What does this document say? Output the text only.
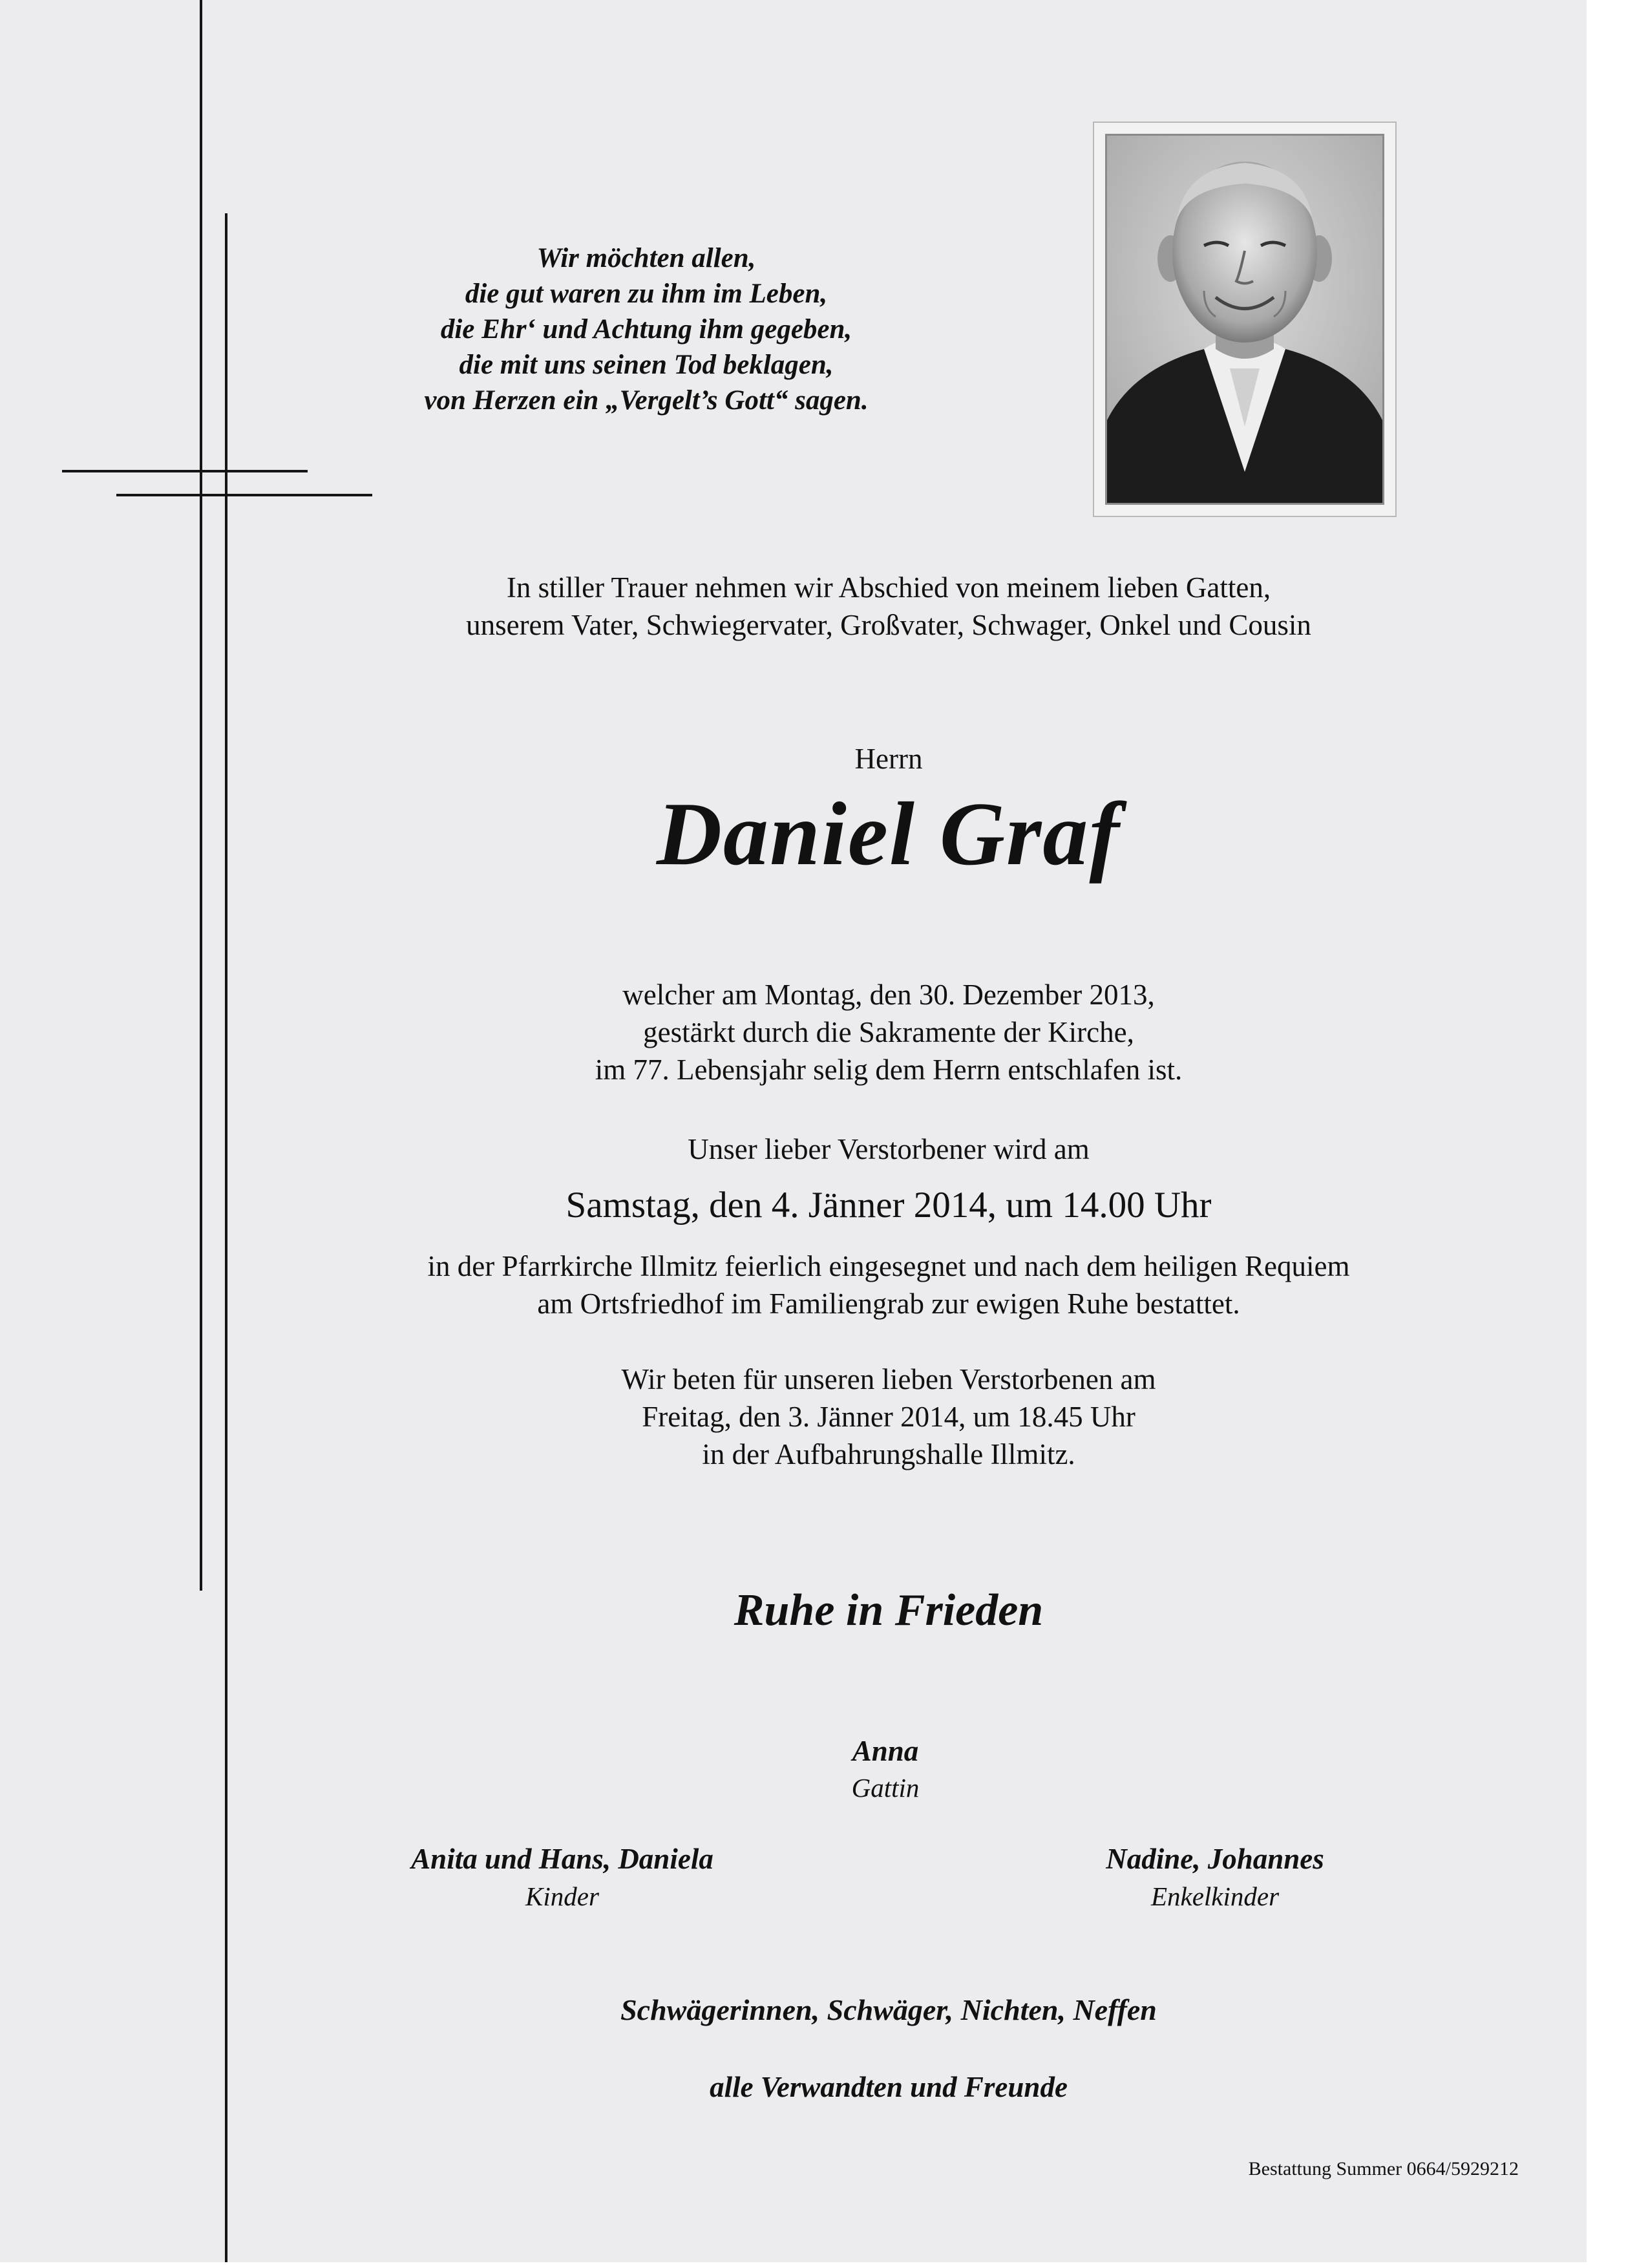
Wir möchten allen,
die gut waren zu ihm im Leben,
die Ehr‘ und Achtung ihm gegeben,
die mit uns seinen Tod beklagen,
von Herzen ein „Vergelt’s Gott“ sagen.
In stiller Trauer nehmen wir Abschied von meinem lieben Gatten,
unserem Vater, Schwiegervater, Großvater, Schwager, Onkel und Cousin
Herrn
Daniel Graf
welcher am Montag, den 30. Dezember 2013,
gestärkt durch die Sakramente der Kirche,
im 77. Lebensjahr selig dem Herrn entschlafen ist.
Unser lieber Verstorbener wird am
Samstag, den 4. Jänner 2014, um 14.00 Uhr
in der Pfarrkirche Illmitz feierlich eingesegnet und nach dem heiligen Requiem
am Ortsfriedhof im Familiengrab zur ewigen Ruhe bestattet.
Wir beten für unseren lieben Verstorbenen am
Freitag, den 3. Jänner 2014, um 18.45 Uhr
in der Aufbahrungshalle Illmitz.
Ruhe in Frieden
Anna
Gattin
Anita und Hans, Daniela
Kinder
Nadine, Johannes
Enkelkinder
Schwägerinnen, Schwäger, Nichten, Neffen
alle Verwandten und Freunde
Bestattung Summer 0664/5929212
